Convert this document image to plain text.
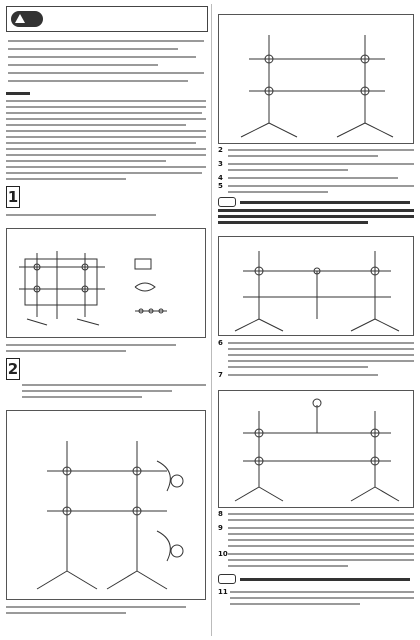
1
2
2
3
4
5
6
7
8
9
10
11
